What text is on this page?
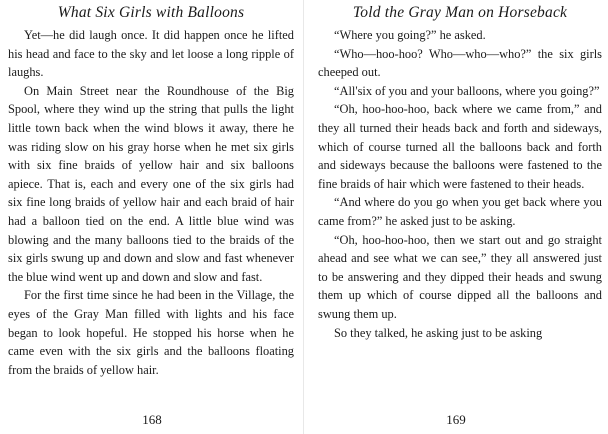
What Six Girls with Balloons

Yet—he did laugh once. It did happen once he lifted his head and face to the sky and let loose a long ripple of laughs.

On Main Street near the Roundhouse of the Big Spool, where they wind up the string that pulls the light little town back when the wind blows it away, there he was riding slow on his gray horse when he met six girls with six fine braids of yellow hair and six balloons apiece. That is, each and every one of the six girls had six fine long braids of yellow hair and each braid of hair had a balloon tied on the end. A little blue wind was blowing and the many balloons tied to the braids of the six girls swung up and down and slow and fast whenever the blue wind went up and down and slow and fast.

For the first time since he had been in the Village, the eyes of the Gray Man filled with lights and his face began to look hopeful. He stopped his horse when he came even with the six girls and the balloons floating from the braids of yellow hair.

168
Told the Gray Man on Horseback

“Where you going?” he asked.

“Who—hoo-hoo? Who—who—who?” the six girls cheeped out.

“All'six of you and your balloons, where you going?”

“Oh, hoo-hoo-hoo, back where we came from,” and they all turned their heads back and forth and sideways, which of course turned all the balloons back and forth and sideways because the balloons were fastened to the fine braids of hair which were fastened to their heads.

“And where do you go when you get back where you came from?” he asked just to be asking.

“Oh, hoo-hoo-hoo, then we start out and go straight ahead and see what we can see,” they all answered just to be answering and they dipped their heads and swung them up which of course dipped all the balloons and swung them up.

So they talked, he asking just to be asking

169
